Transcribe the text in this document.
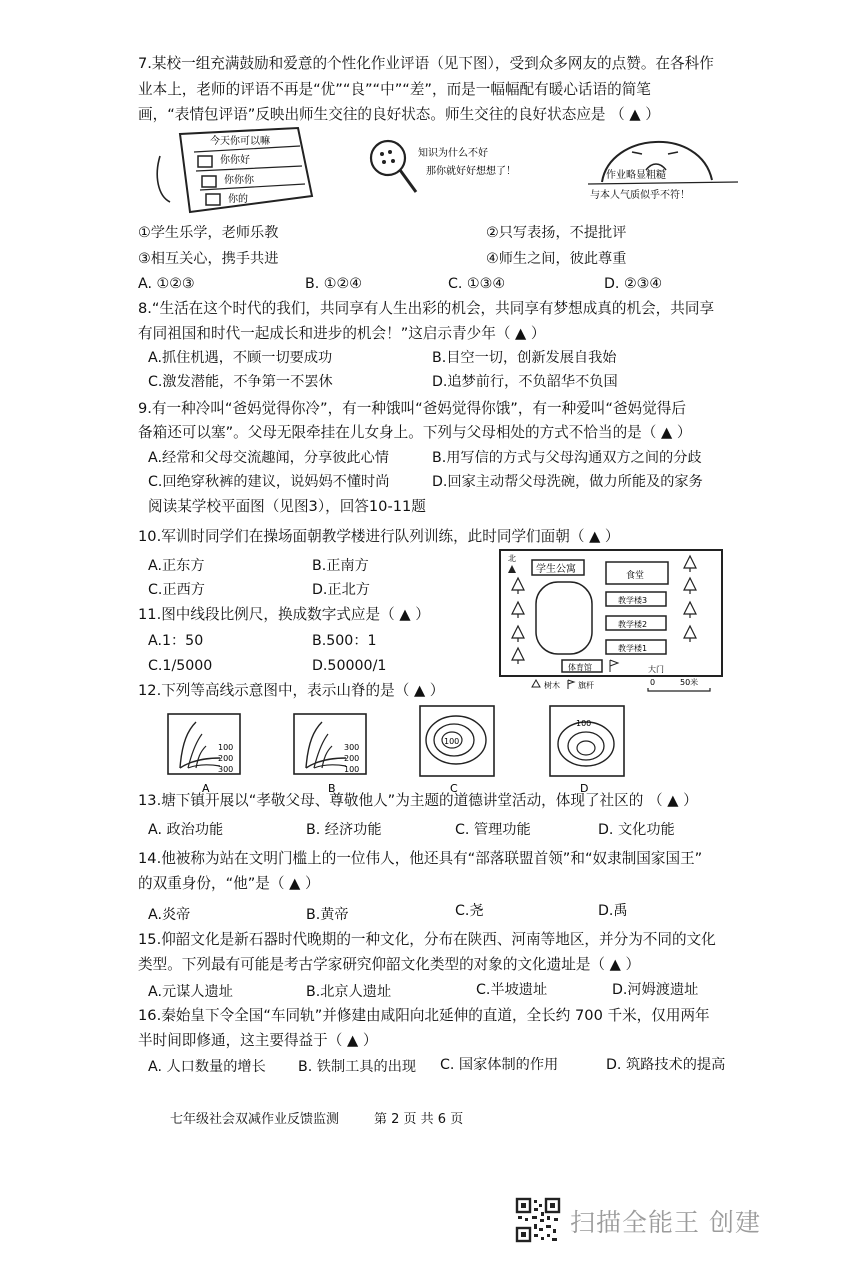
7.某校一组充满鼓励和爱意的个性化作业评语（见下图），受到众多网友的点赞。在各科作
业本上，老师的评语不再是“优”“良”“中”“差”，而是一幅幅配有暖心话语的简笔
画，“表情包评语”反映出师生交往的良好状态。师生交往的良好状态应是 （ ▲ ）
今天你可以嘛
你你好
你你你
你的
知识为什么不好
那你就好好想想了！	作业略显粗糙
与本人气质似乎不符！
①学生乐学，老师乐教	②只写表扬，不提批评
③相互关心，携手共进	④师生之间，彼此尊重
A. ①②③	B. ①②④	C. ①③④	D. ②③④
8.“生活在这个时代的我们，共同享有人生出彩的机会，共同享有梦想成真的机会，共同享
有同祖国和时代一起成长和进步的机会！”这启示青少年（ ▲ ）
A.抓住机遇，不顾一切要成功	B.目空一切，创新发展自我始
C.激发潜能，不争第一不罢休	D.追梦前行，不负韶华不负国
9.有一种冷叫“爸妈觉得你冷”，有一种饿叫“爸妈觉得你饿”，有一种爱叫“爸妈觉得后
备箱还可以塞”。父母无限牵挂在儿女身上。下列与父母相处的方式不恰当的是（ ▲ ）
A.经常和父母交流趣闻，分享彼此心情	B.用写信的方式与父母沟通双方之间的分歧
C.回绝穿秋裤的建议，说妈妈不懂时尚	D.回家主动帮父母洗碗，做力所能及的家务
阅读某学校平面图（见图3），回答10-11题
10.军训时同学们在操场面朝教学楼进行队列训练，此时同学们面朝（ ▲ ）
A.正东方	B.正南方
C.正西方	D.正北方
11.图中线段比例尺，换成数字式应是（ ▲ ）
A.1：50	B.500：1
C.1/5000	D.50000/1
北
学生公寓
食堂
教学楼3
教学楼2
教学楼1
体育馆	大门
树木 旗杆	0	50米
12.下列等高线示意图中，表示山脊的是（ ▲ ）
100
200
300
A
300
200
100
B
100
C
100
D
13.塘下镇开展以“孝敬父母、尊敬他人”为主题的道德讲堂活动，体现了社区的 （ ▲ ）
A. 政治功能	B. 经济功能	C. 管理功能	D. 文化功能
14.他被称为站在文明门槛上的一位伟人，他还具有“部落联盟首领”和“奴隶制国家国王”
的双重身份，“他”是（ ▲ ）
A.炎帝	B.黄帝	C.尧	D.禹
15.仰韶文化是新石器时代晚期的一种文化，分布在陕西、河南等地区，并分为不同的文化
类型。下列最有可能是考古学家研究仰韶文化类型的对象的文化遗址是（ ▲ ）
A.元谋人遗址	B.北京人遗址	C.半坡遗址	D.河姆渡遗址
16.秦始皇下令全国“车同轨”并修建由咸阳向北延伸的直道，全长约 700 千米，仅用两年
半时间即修通，这主要得益于（ ▲ ）
A. 人口数量的增长 B. 铁制工具的出现 C. 国家体制的作用	D. 筑路技术的提高
七年级社会双减作业反馈监测	第 2 页 共 6 页
扫描全能王 创建
